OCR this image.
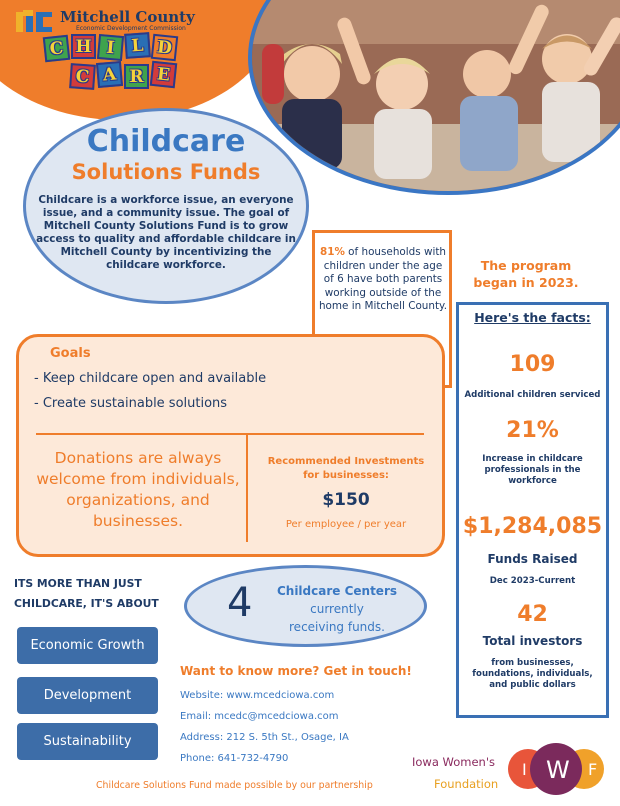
Mitchell County
Economic Development Commission
C H I L D
C A R E
Childcare
Solutions Funds
Childcare is a workforce issue, an everyone issue, and a community issue. The goal of Mitchell County Solutions Fund is to grow access to quality and affordable childcare in Mitchell County by incentivizing the childcare workforce.
81% of households with children under the age of 6 have both parents working outside of the home in Mitchell County.
The program began in 2023.
Here's the facts:
109
Additional children serviced
21%
Increase in childcare professionals in the workforce
$1,284,085
Funds Raised
Dec 2023-Current
42
Total investors
from businesses, foundations, individuals, and public dollars
Goals
- Keep childcare open and available
- Create sustainable solutions
Donations are always welcome from individuals, organizations, and businesses.
Recommended Investments for businesses:
$150
Per employee / per year
ITS MORE THAN JUST CHILDCARE, IT'S ABOUT
Economic Growth
Development
Sustainability
4	Childcare Centers
currently
receiving funds.
Want to know more? Get in touch!
Website: www.mcedciowa.com
Email: mcedc@mcedciowa.com
Address: 212 S. 5th St., Osage, IA
Phone: 641-732-4790
Childcare Solutions Fund made possible by our partnership
Iowa Women's
Foundation
I W F
